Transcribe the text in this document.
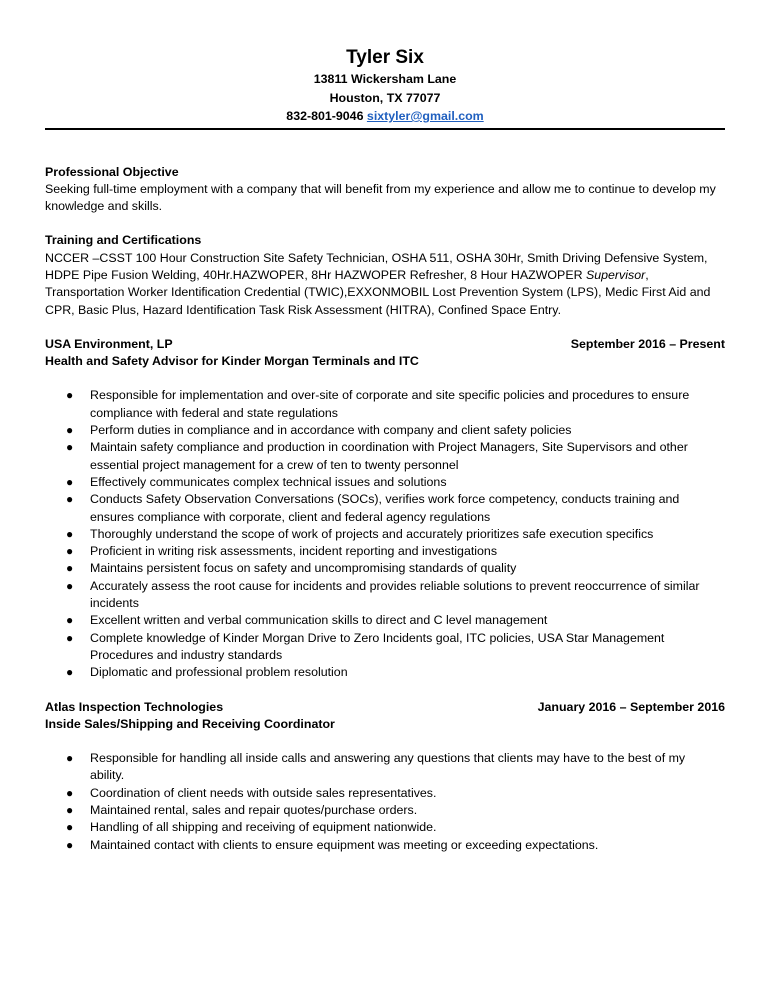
Tyler Six
13811 Wickersham Lane
Houston, TX 77077
832-801-9046 sixtyler@gmail.com
Professional Objective

Seeking full-time employment with a company that will benefit from my experience and allow me to continue to develop my knowledge and skills.

Training and Certifications

NCCER –CSST 100 Hour Construction Site Safety Technician, OSHA 511, OSHA 30Hr, Smith Driving Defensive System, HDPE Pipe Fusion Welding, 40Hr.HAZWOPER, 8Hr HAZWOPER Refresher, 8 Hour HAZWOPER Supervisor, Transportation Worker Identification Credential (TWIC),EXXONMOBIL Lost Prevention System (LPS), Medic First Aid and CPR, Basic Plus, Hazard Identification Task Risk Assessment (HITRA), Confined Space Entry.

USA Environment, LP	September 2016 – Present
Health and Safety Advisor for Kinder Morgan Terminals and ITC
● Responsible for implementation and over-site of corporate and site specific policies and procedures to ensure compliance with federal and state regulations
● Perform duties in compliance and in accordance with company and client safety policies
● Maintain safety compliance and production in coordination with Project Managers, Site Supervisors and other essential project management for a crew of ten to twenty personnel
● Effectively communicates complex technical issues and solutions
● Conducts Safety Observation Conversations (SOCs), verifies work force competency, conducts training and ensures compliance with corporate, client and federal agency regulations
● Thoroughly understand the scope of work of projects and accurately prioritizes safe execution specifics
● Proficient in writing risk assessments, incident reporting and investigations
● Maintains persistent focus on safety and uncompromising standards of quality
● Accurately assess the root cause for incidents and provides reliable solutions to prevent reoccurrence of similar incidents
● Excellent written and verbal communication skills to direct and C level management
● Complete knowledge of Kinder Morgan Drive to Zero Incidents goal, ITC policies, USA Star Management Procedures and industry standards
● Diplomatic and professional problem resolution
Atlas Inspection Technologies	January 2016 – September 2016
Inside Sales/Shipping and Receiving Coordinator
● Responsible for handling all inside calls and answering any questions that clients may have to the best of my ability.
● Coordination of client needs with outside sales representatives.
● Maintained rental, sales and repair quotes/purchase orders.
● Handling of all shipping and receiving of equipment nationwide.
● Maintained contact with clients to ensure equipment was meeting or exceeding expectations.
